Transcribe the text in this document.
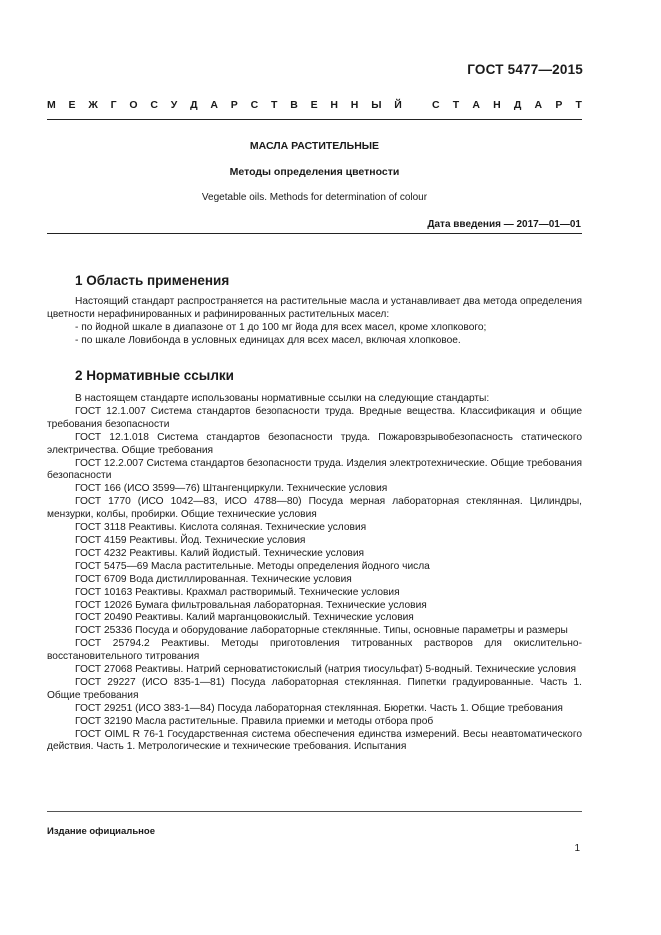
ГОСТ 5477—2015
М Е Ж Г О С У Д А Р С Т В Е Н Н Ы Й	С Т А Н Д А Р Т
МАСЛА РАСТИТЕЛЬНЫЕ
Методы определения цветности
Vegetable oils. Methods for determination of colour
Дата введения — 2017—01—01
1 Область применения

Настоящий стандарт распространяется на растительные масла и устанавливает два метода определения цветности нерафинированных и рафинированных растительных масел:

- по йодной шкале в диапазоне от 1 до 100 мг йода для всех масел, кроме хлопкового;

- по шкале Ловибонда в условных единицах для всех масел, включая хлопковое.

2 Нормативные ссылки

В настоящем стандарте использованы нормативные ссылки на следующие стандарты:

ГОСТ 12.1.007 Система стандартов безопасности труда. Вредные вещества. Классификация и общие требования безопасности

ГОСТ 12.1.018 Система стандартов безопасности труда. Пожаровзрывобезопасность статического электричества. Общие требования

ГОСТ 12.2.007 Система стандартов безопасности труда. Изделия электротехнические. Общие требования безопасности

ГОСТ 166 (ИСО 3599—76) Штангенциркули. Технические условия

ГОСТ 1770 (ИСО 1042—83, ИСО 4788—80) Посуда мерная лабораторная стеклянная. Цилиндры, мензурки, колбы, пробирки. Общие технические условия

ГОСТ 3118 Реактивы. Кислота соляная. Технические условия

ГОСТ 4159 Реактивы. Йод. Технические условия

ГОСТ 4232 Реактивы. Калий йодистый. Технические условия

ГОСТ 5475—69 Масла растительные. Методы определения йодного числа

ГОСТ 6709 Вода дистиллированная. Технические условия

ГОСТ 10163 Реактивы. Крахмал растворимый. Технические условия

ГОСТ 12026 Бумага фильтровальная лабораторная. Технические условия

ГОСТ 20490 Реактивы. Калий марганцовокислый. Технические условия

ГОСТ 25336 Посуда и оборудование лабораторные стеклянные. Типы, основные параметры и размеры

ГОСТ 25794.2 Реактивы. Методы приготовления титрованных растворов для окислительно-восстановительного титрования

ГОСТ 27068 Реактивы. Натрий серноватистокислый (натрия тиосульфат) 5-водный. Технические условия

ГОСТ 29227 (ИСО 835-1—81) Посуда лабораторная стеклянная. Пипетки градуированные. Часть 1. Общие требования

ГОСТ 29251 (ИСО 383-1—84) Посуда лабораторная стеклянная. Бюретки. Часть 1. Общие требования

ГОСТ 32190 Масла растительные. Правила приемки и методы отбора проб

ГОСТ OIML R 76-1 Государственная система обеспечения единства измерений. Весы неавтоматического действия. Часть 1. Метрологические и технические требования. Испытания

Издание официальное
1
